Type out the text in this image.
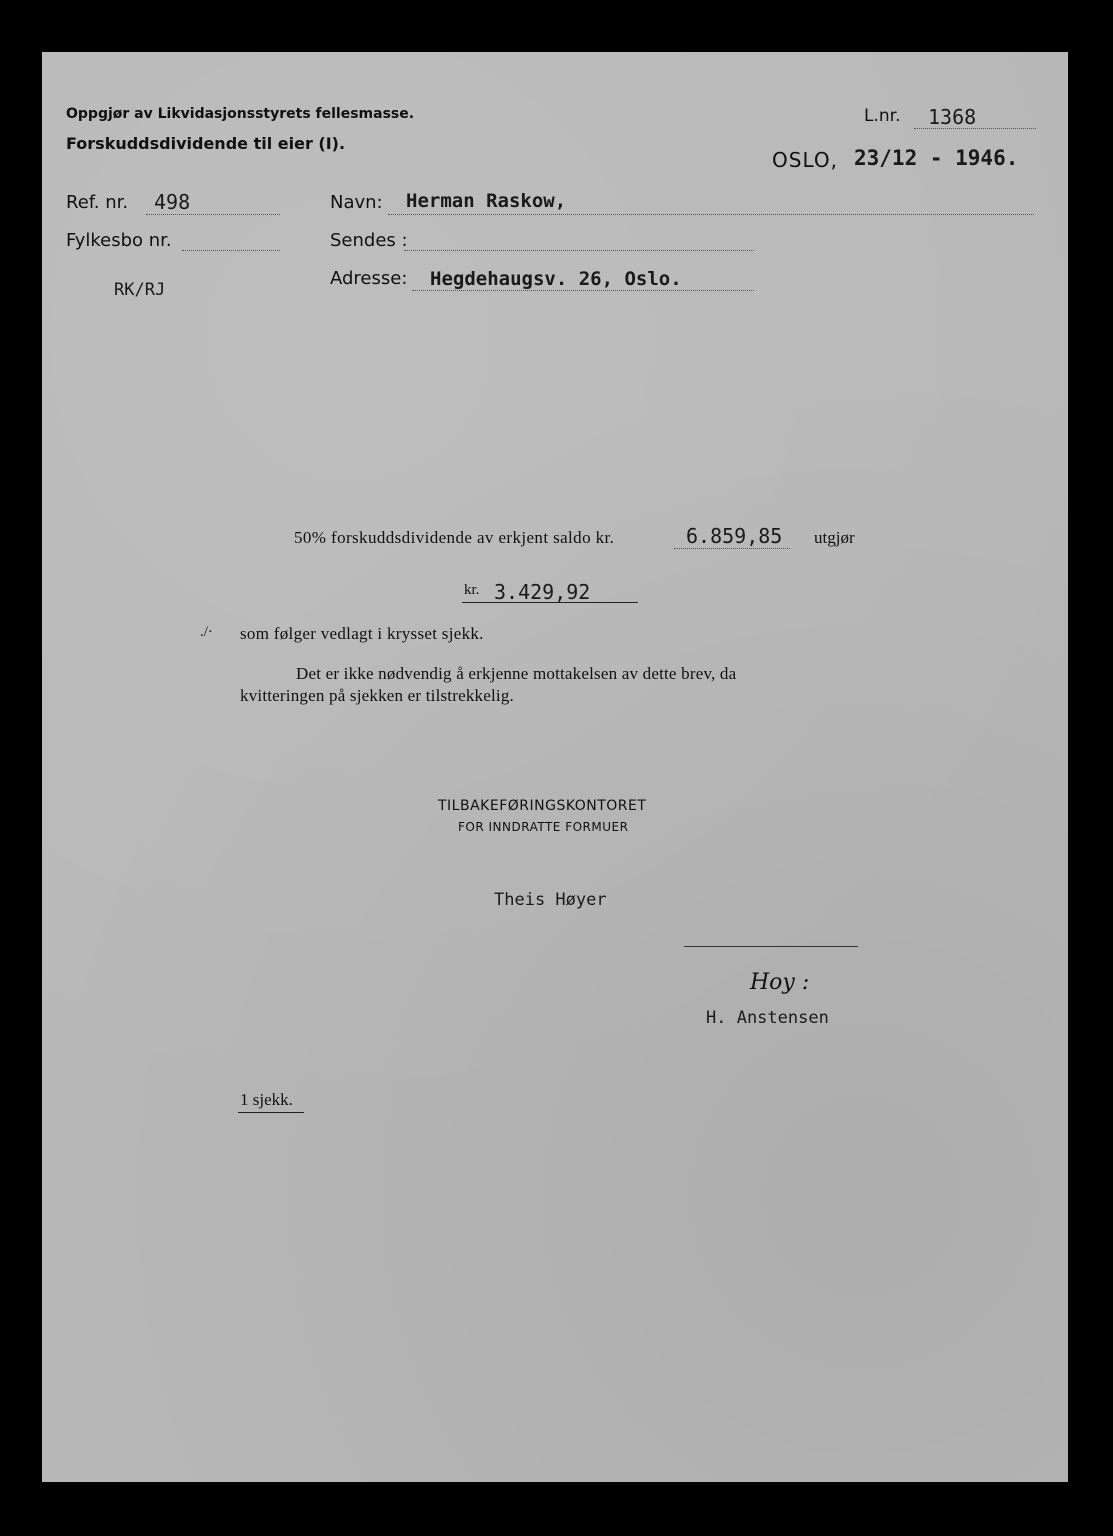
Oppgjør av Likvidasjonsstyrets fellesmasse.
Forskuddsdividende til eier (I).
L.nr. 1368
OSLO, 23/12 - 1946.
Ref. nr. 498
Fylkesbo nr.
RK/RJ
Navn: Herman Raskow,
Sendes :
Adresse: Hegdehaugsv. 26, Oslo.
50% forskuddsdividende av erkjent saldo kr.	6.859,85 utgjør
kr. 3.429,92
./· som følger vedlagt i krysset sjekk.
Det er ikke nødvendig å erkjenne mottakelsen av dette brev, da
kvitteringen på sjekken er tilstrekkelig.
TILBAKEFØRINGSKONTORET
FOR INNDRATTE FORMUER
Theis Høyer
Hoy :
H. Anstensen
1 sjekk.
